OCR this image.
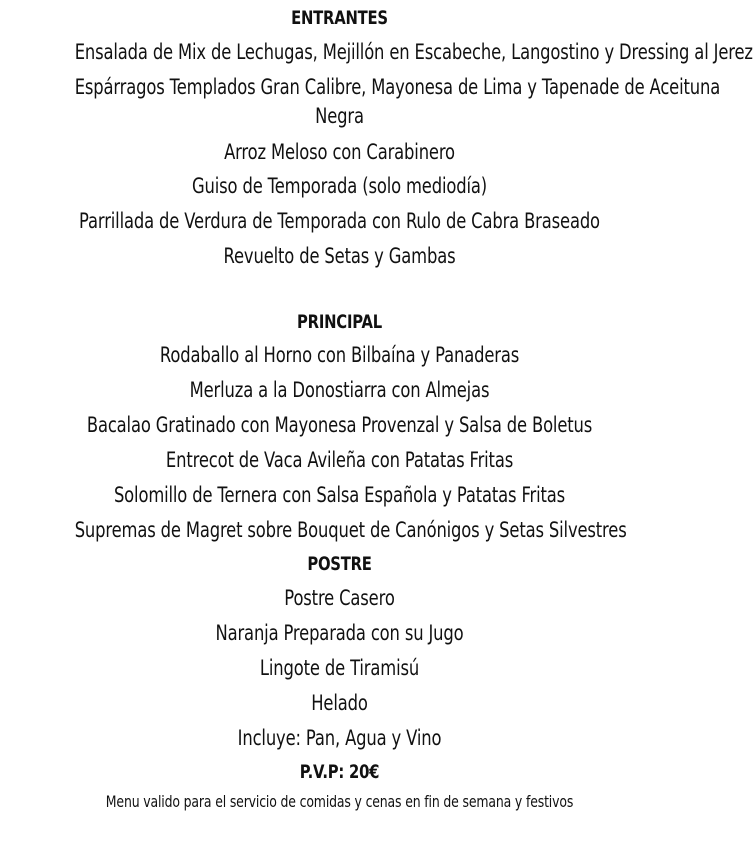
ENTRANTES
Ensalada de Mix de Lechugas, Mejillón en Escabeche, Langostino y Dressing al Jerez
Espárragos Templados Gran Calibre, Mayonesa de Lima y Tapenade de Aceituna
Negra
Arroz Meloso con Carabinero
Guiso de Temporada (solo mediodía)
Parrillada de Verdura de Temporada con Rulo de Cabra Braseado
Revuelto de Setas y Gambas
PRINCIPAL
Rodaballo al Horno con Bilbaína y Panaderas
Merluza a la Donostiarra con Almejas
Bacalao Gratinado con Mayonesa Provenzal y Salsa de Boletus
Entrecot de Vaca Avileña con Patatas Fritas
Solomillo de Ternera con Salsa Española y Patatas Fritas
Supremas de Magret sobre Bouquet de Canónigos y Setas Silvestres
POSTRE
Postre Casero
Naranja Preparada con su Jugo
Lingote de Tiramisú
Helado
Incluye: Pan, Agua y Vino
P.V.P: 20€
Menu valido para el servicio de comidas y cenas en fin de semana y festivos
